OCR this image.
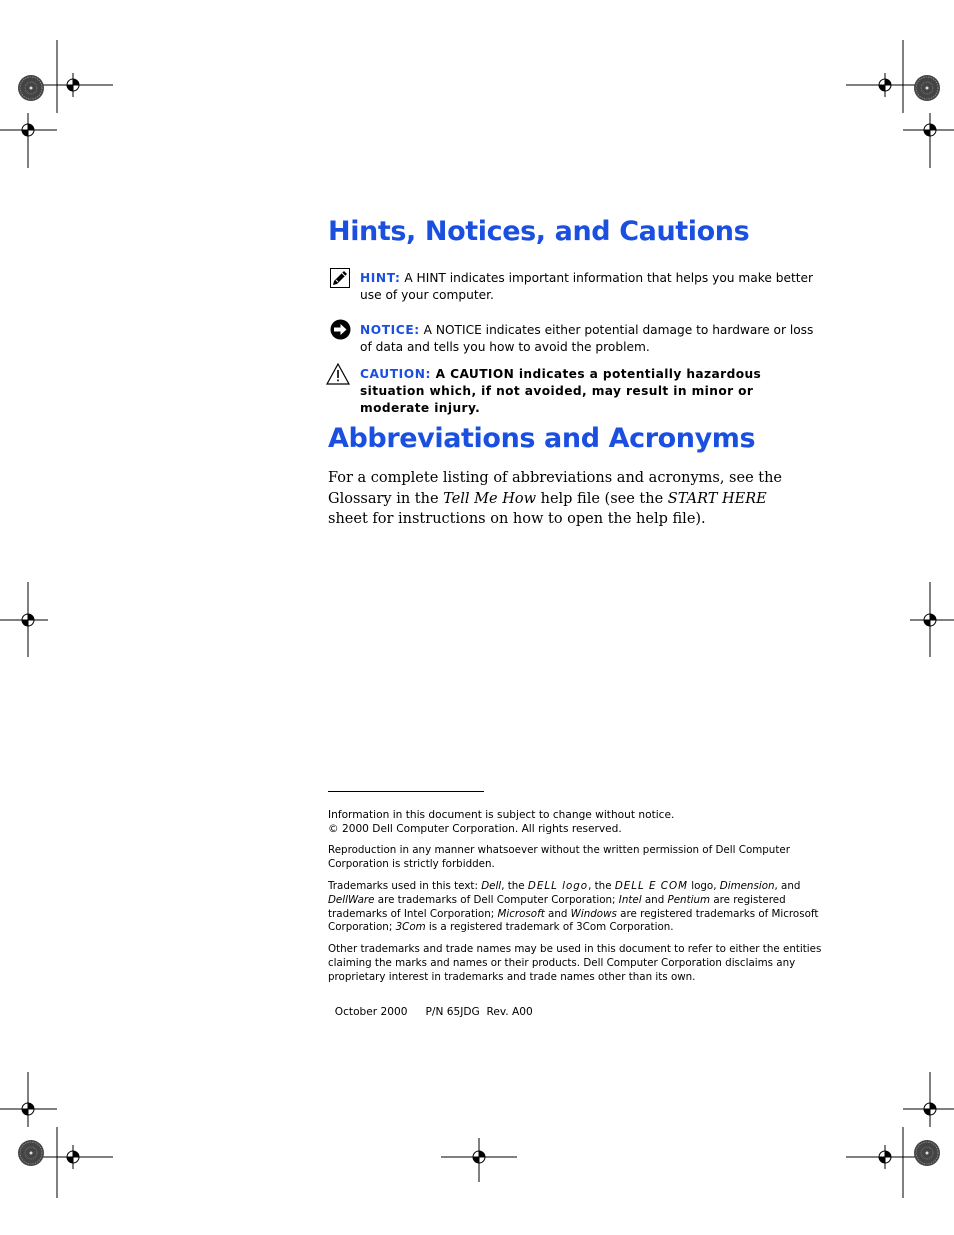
Hints, Notices, and Cautions
HINT: A HINT indicates important information that helps you make better use of your computer.
NOTICE: A NOTICE indicates either potential damage to hardware or loss of data and tells you how to avoid the problem.
CAUTION: A CAUTION indicates a potentially hazardous situation which, if not avoided, may result in minor or moderate injury.
Abbreviations and Acronyms
For a complete listing of abbreviations and acronyms, see the Glossary in the Tell Me How help file (see the START HERE sheet for instructions on how to open the help file).

Information in this document is subject to change without notice.

© 2000 Dell Computer Corporation. All rights reserved.

Reproduction in any manner whatsoever without the written permission of Dell Computer Corporation is strictly forbidden.

Trademarks used in this text: Dell, the DELL logo, the DELL E COM logo, Dimension, and DellWare are trademarks of Dell Computer Corporation; Intel and Pentium are registered trademarks of Intel Corporation; Microsoft and Windows are registered trademarks of Microsoft Corporation; 3Com is a registered trademark of 3Com Corporation.

Other trademarks and trade names may be used in this document to refer to either the entities claiming the marks and names or their products. Dell Computer Corporation disclaims any proprietary interest in trademarks and trade names other than its own.

October 2000 P/N 65JDG  Rev. A00
